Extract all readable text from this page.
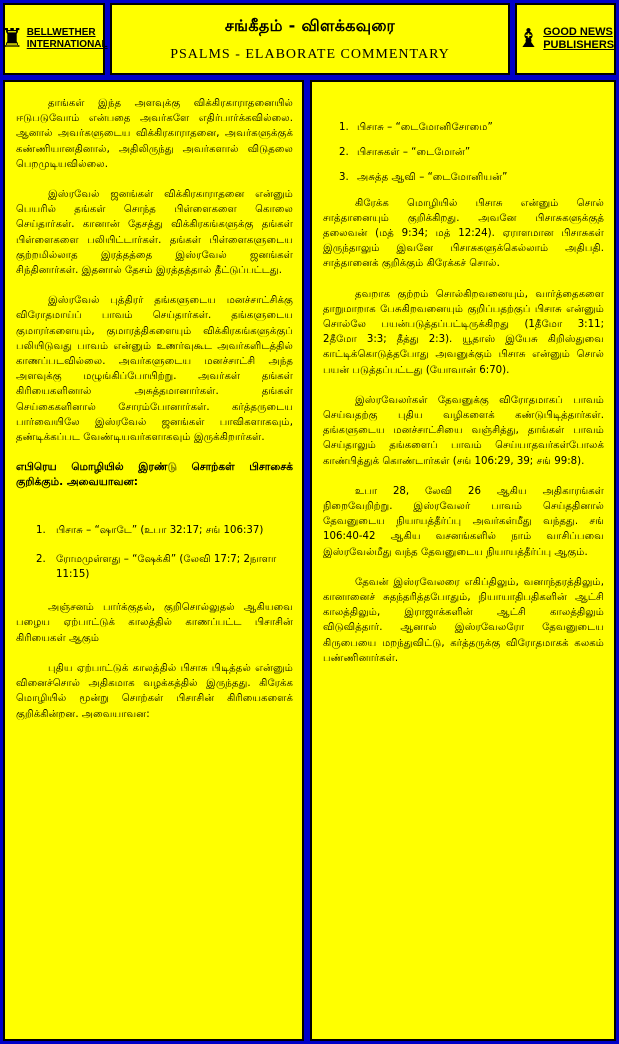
♜ BELLWETHER
INTERNATIONAL
சங்கீதம் - விளக்கவுரை
PSALMS - ELABORATE COMMENTARY
♝ GOOD NEWS
PUBLISHERS

தாங்கள் இந்த அளவுக்கு விக்கிரகாராதனையில் ஈடுபடுவோம் என்பதை அவர்களே எதிர்பார்க்கவில்லை. ஆனால் அவர்களுடைய விக்கிரகாராதனை, அவர்களுக்குக் கண்ணியானதினால், அதிலிருந்து அவர்களால் விடுதலை பெறமுடியவில்லை.

இஸ்ரவேல் ஜனங்கள் விக்கிரகாராதனை என்னும் பெயரில் தங்கள் சொந்த பிள்ளைகளை கொலை செய்தார்கள். கானான் தேசத்து விக்கிரகங்களுக்கு தங்கள் பிள்ளைகளை பலியிட்டார்கள். தங்கள் பிள்ளைகளுடைய குற்றமில்லாத இரத்தத்தை இஸ்ரவேல் ஜனங்கள் சிந்தினார்கள். இதனால் தேசம் இரத்தத்தால் தீட்டுப்பட்டது.

இஸ்ரவேல் புத்திரர் தங்களுடைய மனச்சாட்சிக்கு விரோதமாய்ப் பாவம் செய்தார்கள். தங்களுடைய குமாரர்களையும், குமாரத்திகளையும் விக்கிரகங்களுக்குப் பலியிடுவது பாவம் என்னும் உணர்வுகூட அவர்களிடத்தில் காணப்படவில்லை. அவர்களுடைய மனச்சாட்சி அந்த அளவுக்கு மழுங்கிப்போயிற்று. அவர்கள் தங்கள் கிரியைகளினால் அசுத்தமானார்கள். தங்கள் செய்கைகளினால் சோரம்போனார்கள். கர்த்தருடைய பார்வையிலே இஸ்ரவேல் ஜனங்கள் பாவிகளாகவும், தண்டிக்கப்பட வேண்டியவர்களாகவும் இருக்கிறார்கள்.

எபிரெய மொழியில் இரண்டு சொற்கள் பிசாசைக் குறிக்கும். அவையாவன:

1.	பிசாசு – “ஷாடே” (உபா 32:17; சங் 106:37)
2.	ரோமமுள்ளது – “ஷேக்கி” (லேவி 17:7; 2நாளா 11:15)

அஞ்சனம் பார்க்குதல், குறிசொல்லுதல் ஆகியவை பழைய ஏற்பாட்டுக் காலத்தில் காணப்பட்ட பிசாசின் கிரியைகள் ஆகும்

புதிய ஏற்பாட்டுக் காலத்தில் பிசாசு பிடித்தல் என்னும் வினைச்சொல் அதிகமாக வழக்கத்தில் இருந்தது. கிரேக்க மொழியில் மூன்று சொற்கள் பிசாசின் கிரியைகளைக் குறிக்கின்றன. அவையாவன:

1. பிசாசு – “டைமோனிசோமை”
2. பிசாசுகள் – “டைமோன்”
3. அசுத்த ஆவி – “டைமோனியன்”

கிரேக்க மொழியில் பிசாசு என்னும் சொல் சாத்தானையும் குறிக்கிறது. அவனே பிசாசுகளுக்குத் தலைவன் (மத் 9:34; மத் 12:24). ஏராளமான பிசாசுகள் இருந்தாலும் இவனே பிசாசுகளுக்கெல்லாம் அதிபதி. சாத்தானைக் குறிக்கும் கிரேக்கச் சொல்.

தவறாக குற்றம் சொல்கிறவனையும், வார்த்தைகளை தாறுமாறாக பேசுகிறவனையும் குறிப்பதற்குப் பிசாசு என்னும் சொல்லே பயன்படுத்தப்பட்டிருக்கிறது (1தீமோ 3:11; 2தீமோ 3:3; தீத்து 2:3). யூதாஸ் இயேசு கிறிஸ்துவை காட்டிக்கொடுத்தபோது அவனுக்கும் பிசாசு என்னும் சொல் பயன் படுத்தப்பட்டது (யோவான் 6:70).

இஸ்ரவேலர்கள் தேவனுக்கு விரோதமாகப் பாவம் செய்வதற்கு புதிய வழிகளைக் கண்டுபிடித்தார்கள். தங்களுடைய மனச்சாட்சியை வஞ்சித்து, தாங்கள் பாவம் செய்தாலும் தங்களைப் பாவம் செய்யாதவர்கள்போலக் காண்பித்துக் கொண்டார்கள் (சங் 106:29, 39; சங் 99:8).

உபா 28, லேவி 26 ஆகிய அதிகாரங்கள் நிறைவேறிற்று. இஸ்ரவேலர் பாவம் செய்ததினால் தேவனுடைய நியாயத்தீர்ப்பு அவர்கள்மீது வந்தது. சங் 106:40-42 ஆகிய வசனங்களில் நாம் வாசிப்பவை இஸ்ரவேல்மீது வந்த தேவனுடைய நியாயத்தீர்ப்பு ஆகும்.

தேவன் இஸ்ரவேலரை எகிப்திலும், வனாந்தரத்திலும், கானானைச் சுதந்தரித்தபோதும், நியாயாதிபதிகளின் ஆட்சி காலத்திலும், இராஜாக்களின் ஆட்சி காலத்திலும் விடுவித்தார். ஆனால் இஸ்ரவேலரோ தேவனுடைய கிருபையை மறந்துவிட்டு, கர்த்தருக்கு விரோதமாகக் கலகம் பண்ணினார்கள்.
